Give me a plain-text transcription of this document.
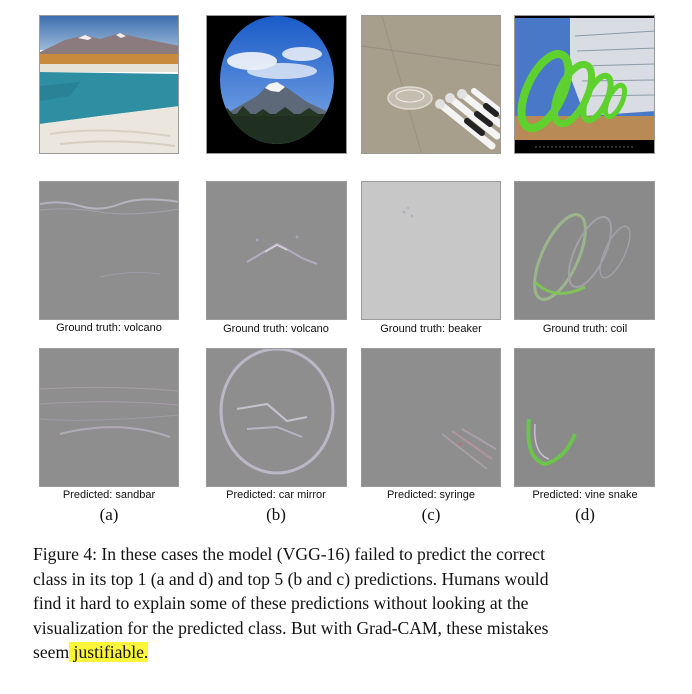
Ground truth: volcano	Ground truth: volcano	Ground truth: beaker	Ground truth: coil
Predicted: sandbar	Predicted: car mirror	Predicted: syringe	Predicted: vine snake
(a)	(b)	(c)	(d)
Figure 4: In these cases the model (VGG-16) failed to predict the correct
class in its top 1 (a and d) and top 5 (b and c) predictions. Humans would
find it hard to explain some of these predictions without looking at the
visualization for the predicted class. But with Grad-CAM, these mistakes
seem justifiable.
